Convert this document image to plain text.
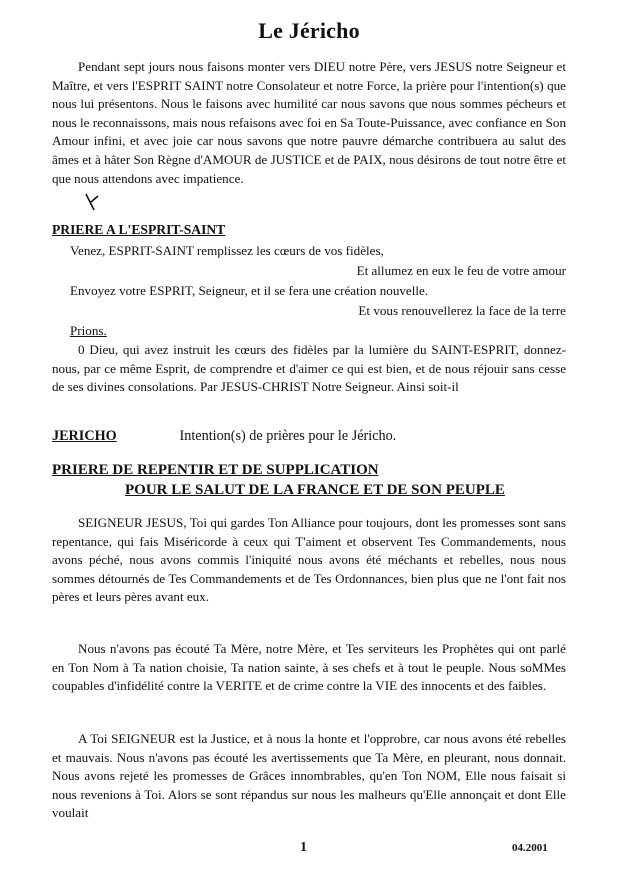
Le Jéricho

Pendant sept jours nous faisons monter vers DIEU notre Père, vers JESUS notre Seigneur et Maître, et vers l'ESPRIT SAINT notre Consolateur et notre Force, la prière pour l'intention(s) que nous lui présentons. Nous le faisons avec humilité car nous savons que nous sommes pécheurs et nous le reconnaissons, mais nous refaisons avec foi en Sa Toute-Puissance, avec confiance en Son Amour infini, et avec joie car nous savons que notre pauvre démarche contribuera au salut des âmes et à hâter Son Règne d'AMOUR de JUSTICE et de PAIX, nous désirons de tout notre être et que nous attendons avec impatience.

PRIERE A L'ESPRIT-SAINT
Venez, ESPRIT-SAINT remplissez les cœurs de vos fidèles,
Et allumez en eux le feu de votre amour
Envoyez votre ESPRIT, Seigneur, et il se fera une création nouvelle.
Et vous renouvellerez la face de la terre
Prions.

0 Dieu, qui avez instruit les cœurs des fidèles par la lumière du SAINT-ESPRIT, donnez-nous, par ce même Esprit, de comprendre et d'aimer ce qui est bien, et de nous réjouir sans cesse de ses divines consolations. Par JESUS-CHRIST Notre Seigneur. Ainsi soit-il

JERICHO	Intention(s) de prières pour le Jéricho.
PRIERE DE REPENTIR ET DE SUPPLICATION
POUR LE SALUT DE LA FRANCE ET DE SON PEUPLE

SEIGNEUR JESUS, Toi qui gardes Ton Alliance pour toujours, dont les promesses sont sans repentance, qui fais Miséricorde à ceux qui T'aiment et observent Tes Commandements, nous avons péché, nous avons commis l'iniquité nous avons été méchants et rebelles, nous nous sommes détournés de Tes Commandements et de Tes Ordonnances, bien plus que ne l'ont fait nos pères et leurs pères avant eux.

Nous n'avons pas écouté Ta Mère, notre Mère, et Tes serviteurs les Prophètes qui ont parlé en Ton Nom à Ta nation choisie, Ta nation sainte, à ses chefs et à tout le peuple. Nous soMMes coupables d'infidélité contre la VERITE et de crime contre la VIE des innocents et des faibles.

A Toi SEIGNEUR est la Justice, et à nous la honte et l'opprobre, car nous avons été rebelles et mauvais. Nous n'avons pas écouté les avertissements que Ta Mère, en pleurant, nous donnait. Nous avons rejeté les promesses de Grâces innombrables, qu'en Ton NOM, Elle nous faisait si nous revenions à Toi. Alors se sont répandus sur nous les malheurs qu'Elle annonçait et dont Elle voulait

1	04.2001
